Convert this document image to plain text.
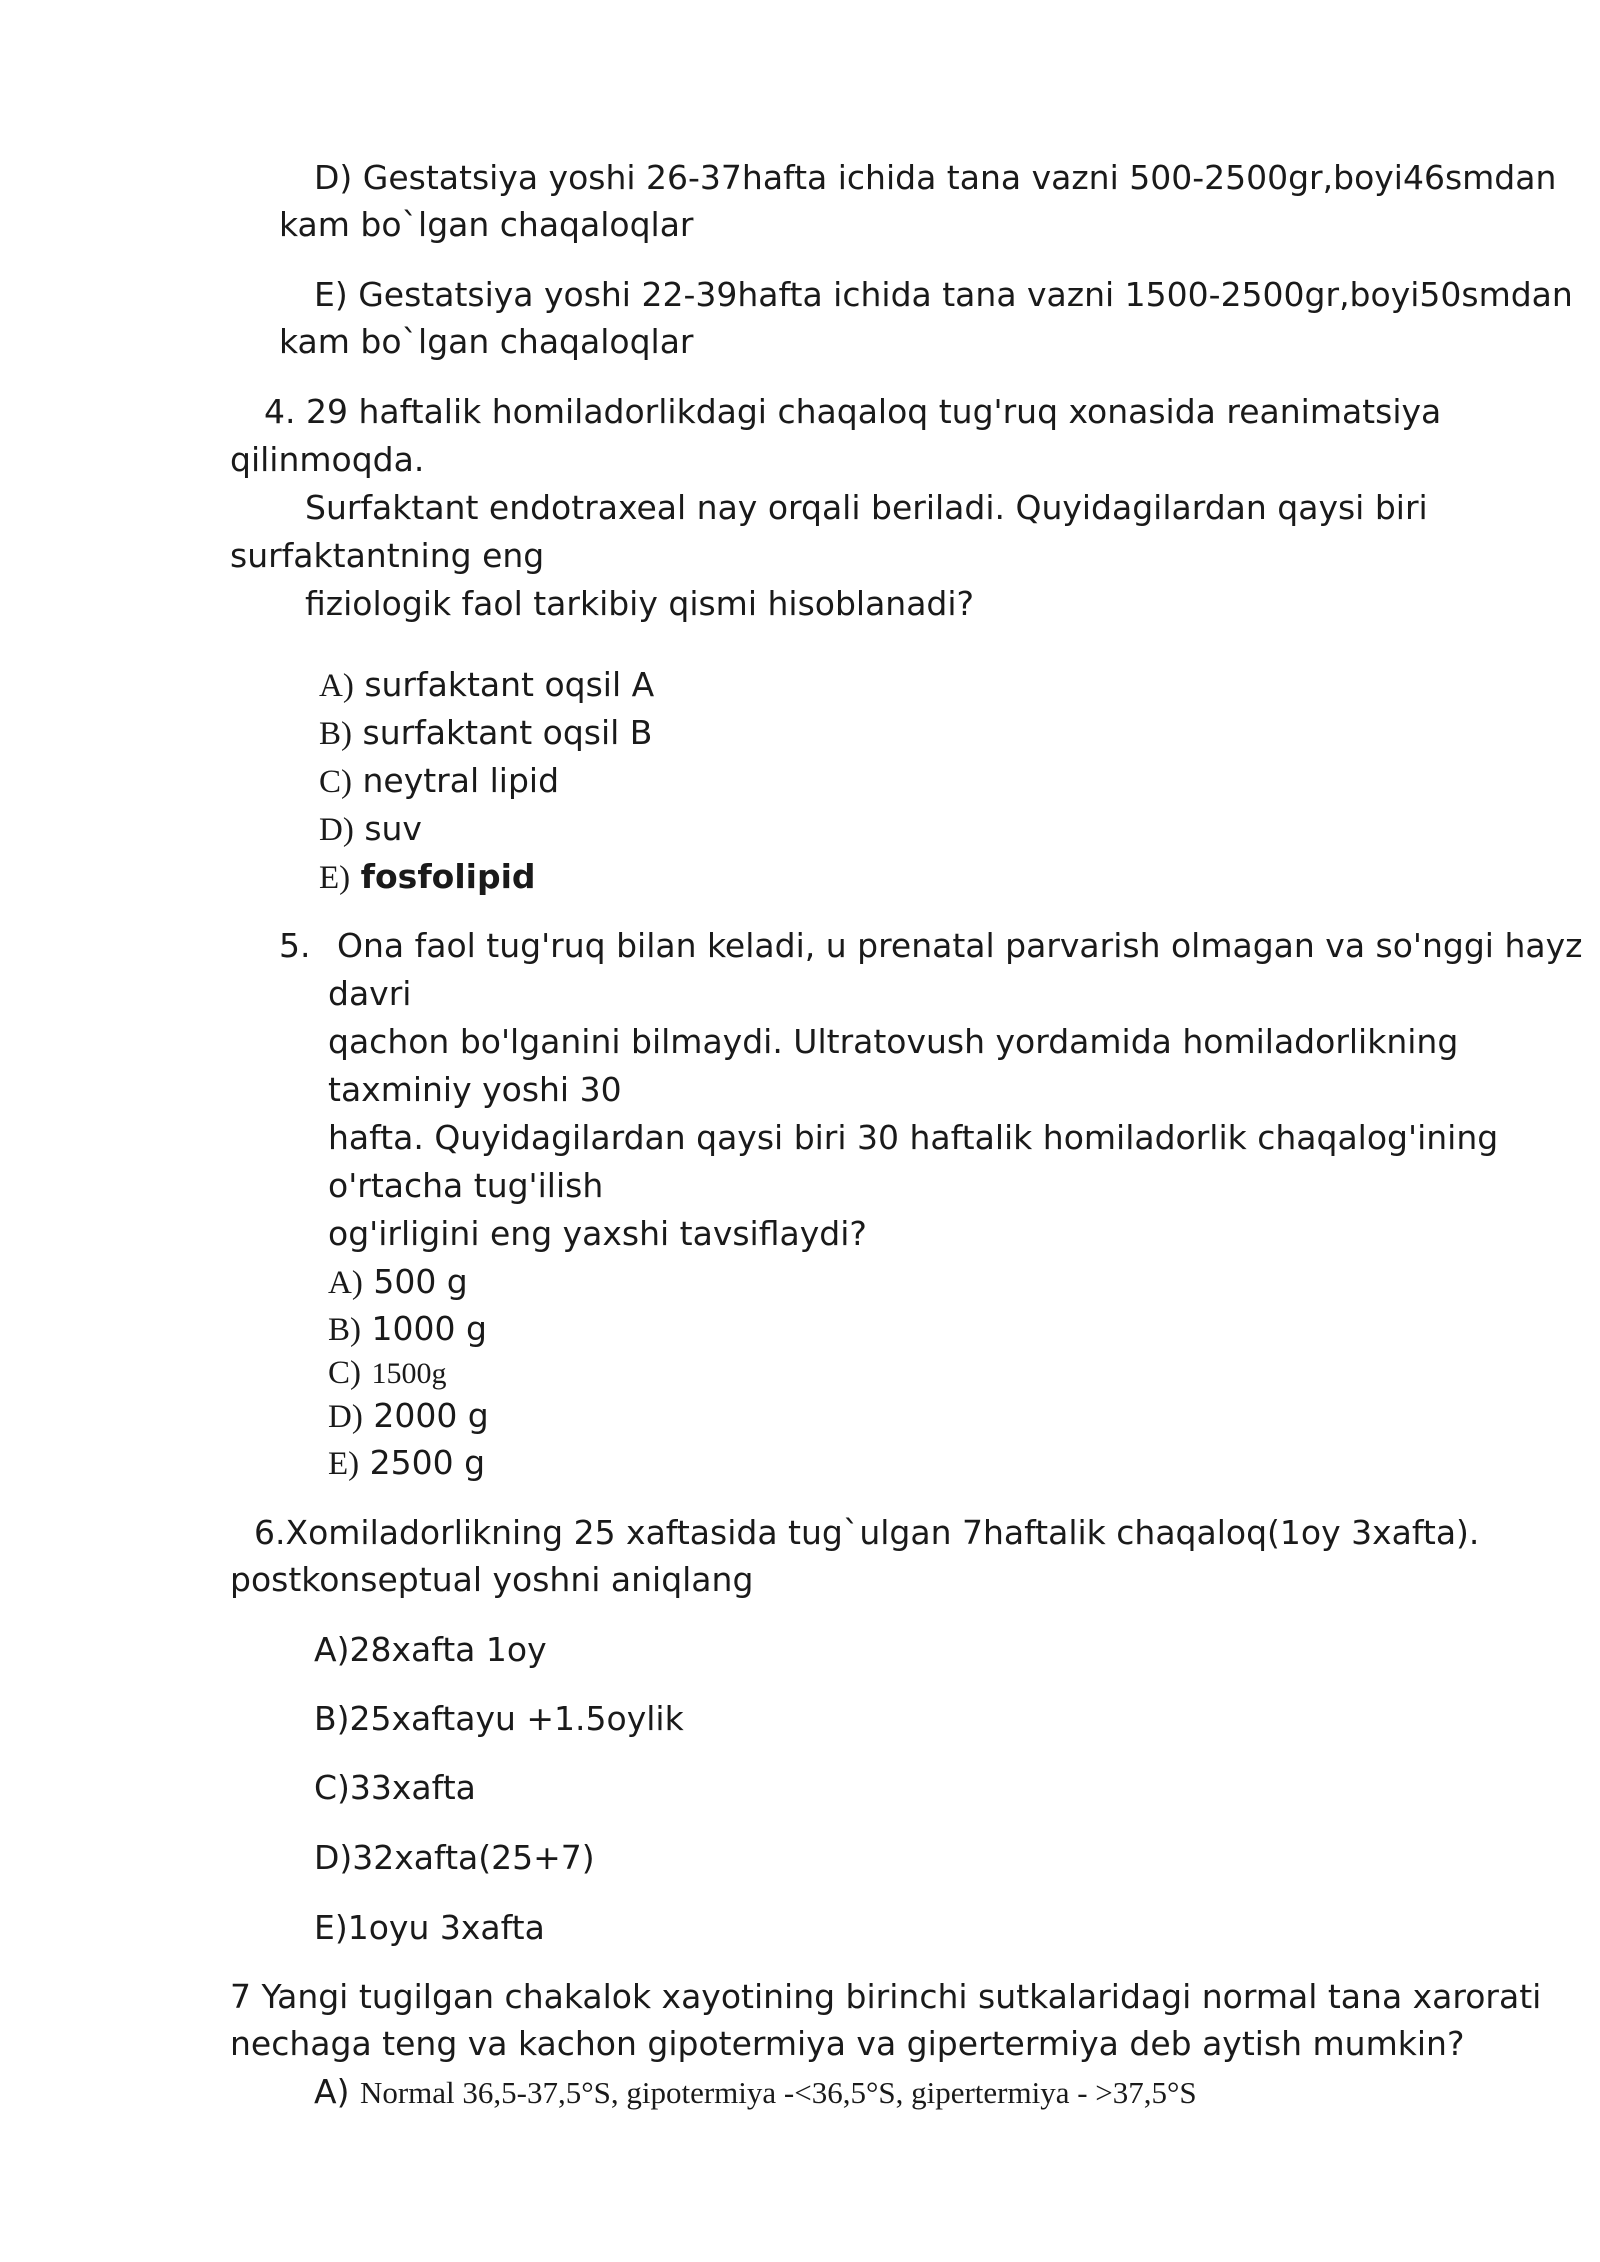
D) Gestatsiya yoshi 26-37hafta ichida tana vazni 500-2500gr,boyi46smdan
kam bo`lgan chaqaloqlar
E) Gestatsiya yoshi 22-39hafta ichida tana vazni 1500-2500gr,boyi50smdan
kam bo`lgan chaqaloqlar
4. 29 haftalik homiladorlikdagi chaqaloq tug'ruq xonasida reanimatsiya
qilinmoqda.
Surfaktant endotraxeal nay orqali beriladi. Quyidagilardan qaysi biri
surfaktantning eng
fiziologik faol tarkibiy qismi hisoblanadi?
A) surfaktant oqsil A
B) surfaktant oqsil B
C) neytral lipid
D) suv
E) fosfolipid
5. Ona faol tug'ruq bilan keladi, u prenatal parvarish olmagan va so'nggi hayz
davri
qachon bo'lganini bilmaydi. Ultratovush yordamida homiladorlikning
taxminiy yoshi 30
hafta. Quyidagilardan qaysi biri 30 haftalik homiladorlik chaqalog'ining
o'rtacha tug'ilish
og'irligini eng yaxshi tavsiflaydi?
A) 500 g
B) 1000 g
C) 1500g
D) 2000 g
E) 2500 g
6.Xomiladorlikning 25 xaftasida tug`ulgan 7haftalik chaqaloq(1oy 3xafta).
postkonseptual yoshni aniqlang
A)28xafta 1oy
B)25xaftayu +1.5oylik
C)33xafta
D)32xafta(25+7)
E)1oyu 3xafta
7 Yangi tugilgan chakalok xayotining birinchi sutkalaridagi normal tana xarorati
nechaga teng va kachon gipotermiya va gipertermiya deb aytish mumkin?
A) Normal 36,5-37,5°S, gipotermiya -<36,5°S, gipertermiya - >37,5°S
